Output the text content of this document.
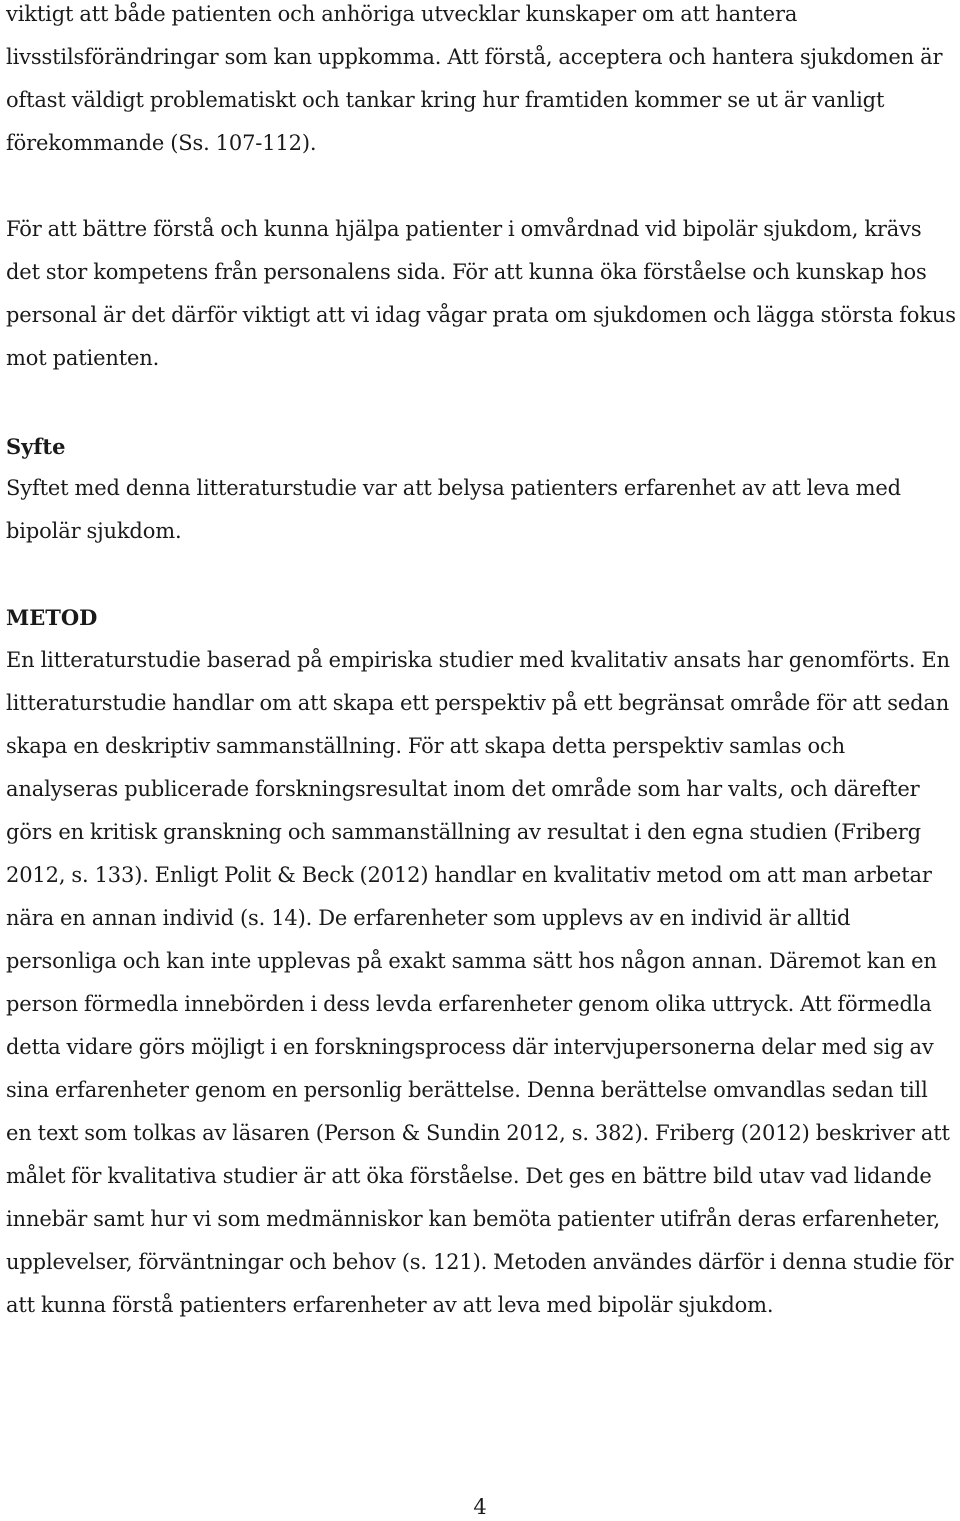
viktigt att både patienten och anhöriga utvecklar kunskaper om att hantera livsstilsförändringar som kan uppkomma. Att förstå, acceptera och hantera sjukdomen är oftast väldigt problematiskt och tankar kring hur framtiden kommer se ut är vanligt förekommande (Ss. 107-112).

För att bättre förstå och kunna hjälpa patienter i omvårdnad vid bipolär sjukdom, krävs det stor kompetens från personalens sida. För att kunna öka förståelse och kunskap hos personal är det därför viktigt att vi idag vågar prata om sjukdomen och lägga största fokus mot patienten.

Syfte

Syftet med denna litteraturstudie var att belysa patienters erfarenhet av att leva med bipolär sjukdom.

METOD

En litteraturstudie baserad på empiriska studier med kvalitativ ansats har genomförts. En litteraturstudie handlar om att skapa ett perspektiv på ett begränsat område för att sedan skapa en deskriptiv sammanställning. För att skapa detta perspektiv samlas och analyseras publicerade forskningsresultat inom det område som har valts, och därefter görs en kritisk granskning och sammanställning av resultat i den egna studien (Friberg 2012, s. 133). Enligt Polit & Beck (2012) handlar en kvalitativ metod om att man arbetar nära en annan individ (s. 14). De erfarenheter som upplevs av en individ är alltid personliga och kan inte upplevas på exakt samma sätt hos någon annan. Däremot kan en person förmedla innebörden i dess levda erfarenheter genom olika uttryck. Att förmedla detta vidare görs möjligt i en forskningsprocess där intervjupersonerna delar med sig av sina erfarenheter genom en personlig berättelse. Denna berättelse omvandlas sedan till en text som tolkas av läsaren (Person & Sundin 2012, s. 382). Friberg (2012) beskriver att målet för kvalitativa studier är att öka förståelse. Det ges en bättre bild utav vad lidande innebär samt hur vi som medmänniskor kan bemöta patienter utifrån deras erfarenheter, upplevelser, förväntningar och behov (s. 121). Metoden användes därför i denna studie för att kunna förstå patienters erfarenheter av att leva med bipolär sjukdom.

4
